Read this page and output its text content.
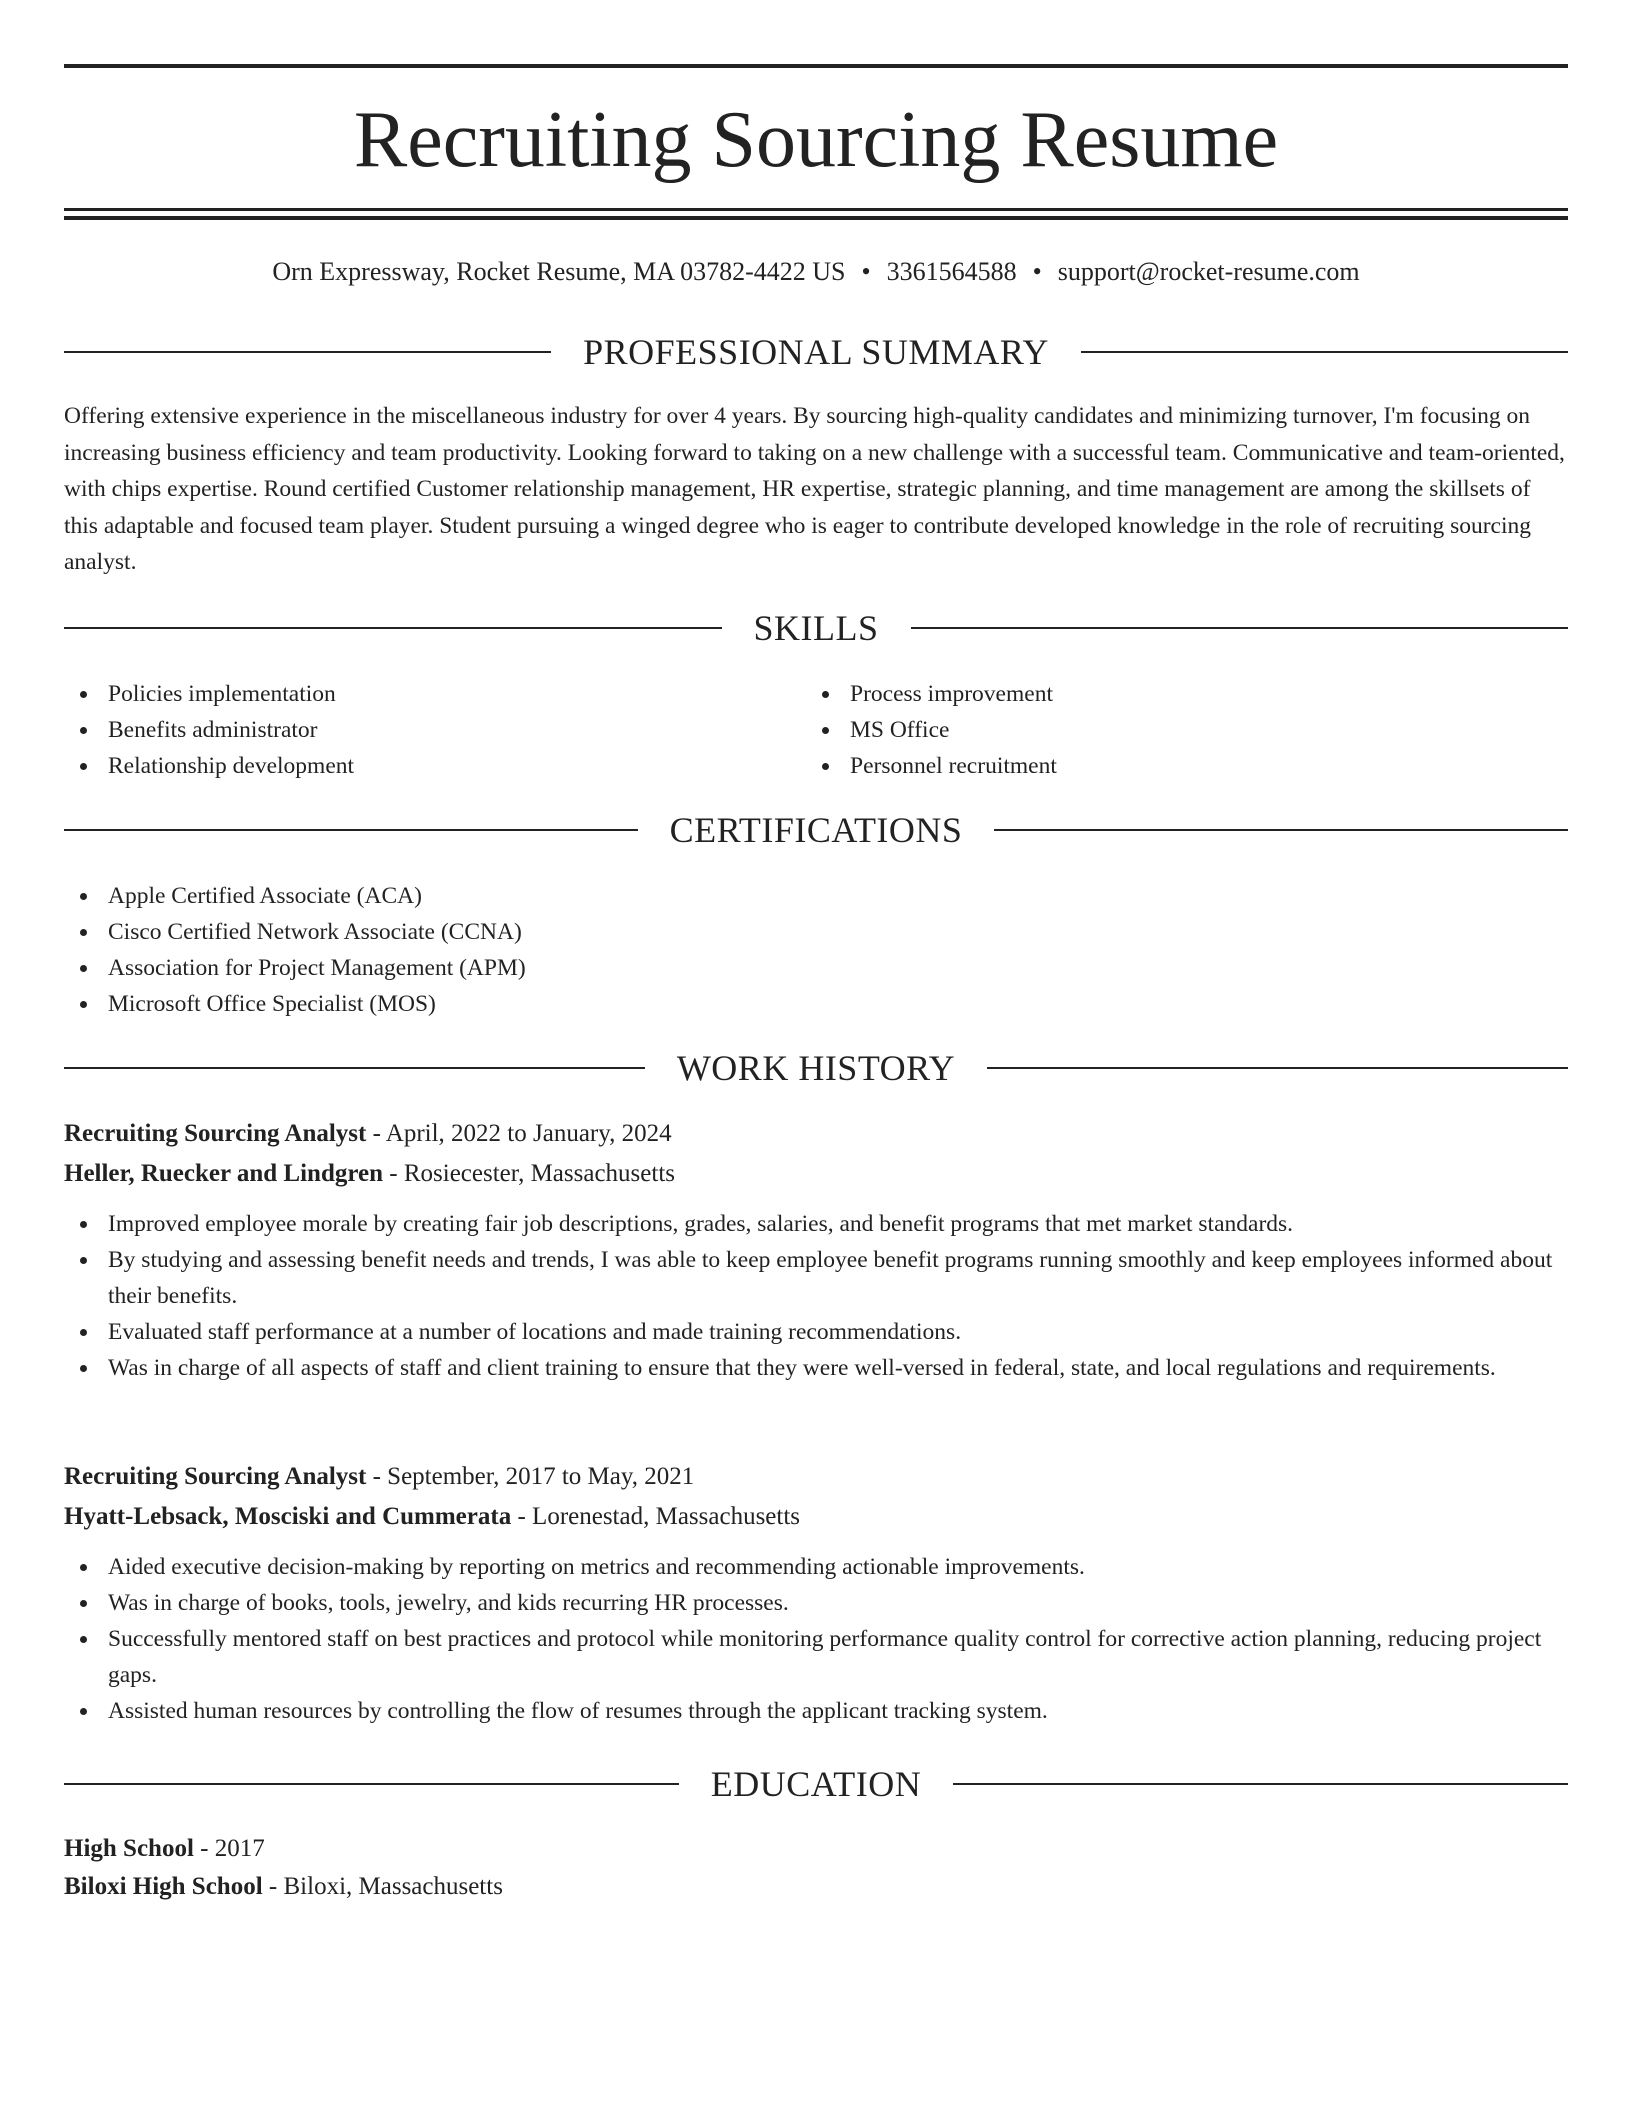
Recruiting Sourcing Resume
Orn Expressway, Rocket Resume, MA 03782-4422 US • 3361564588 • support@rocket-resume.com
PROFESSIONAL SUMMARY

Offering extensive experience in the miscellaneous industry for over 4 years. By sourcing high-quality candidates and minimizing turnover, I'm focusing on increasing business efficiency and team productivity. Looking forward to taking on a new challenge with a successful team. Communicative and team-oriented, with chips expertise. Round certified Customer relationship management, HR expertise, strategic planning, and time management are among the skillsets of this adaptable and focused team player. Student pursuing a winged degree who is eager to contribute developed knowledge in the role of recruiting sourcing analyst.

SKILLS
Policies implementation
Benefits administrator
Relationship development
Process improvement
MS Office
Personnel recruitment
CERTIFICATIONS
Apple Certified Associate (ACA)
Cisco Certified Network Associate (CCNA)
Association for Project Management (APM)
Microsoft Office Specialist (MOS)
WORK HISTORY
Recruiting Sourcing Analyst - April, 2022 to January, 2024
Heller, Ruecker and Lindgren - Rosiecester, Massachusetts
Improved employee morale by creating fair job descriptions, grades, salaries, and benefit programs that met market standards.
By studying and assessing benefit needs and trends, I was able to keep employee benefit programs running smoothly and keep employees informed about their benefits.
Evaluated staff performance at a number of locations and made training recommendations.
Was in charge of all aspects of staff and client training to ensure that they were well-versed in federal, state, and local regulations and requirements.
Recruiting Sourcing Analyst - September, 2017 to May, 2021
Hyatt-Lebsack, Mosciski and Cummerata - Lorenestad, Massachusetts
Aided executive decision-making by reporting on metrics and recommending actionable improvements.
Was in charge of books, tools, jewelry, and kids recurring HR processes.
Successfully mentored staff on best practices and protocol while monitoring performance quality control for corrective action planning, reducing project gaps.
Assisted human resources by controlling the flow of resumes through the applicant tracking system.
EDUCATION
High School - 2017
Biloxi High School - Biloxi, Massachusetts
